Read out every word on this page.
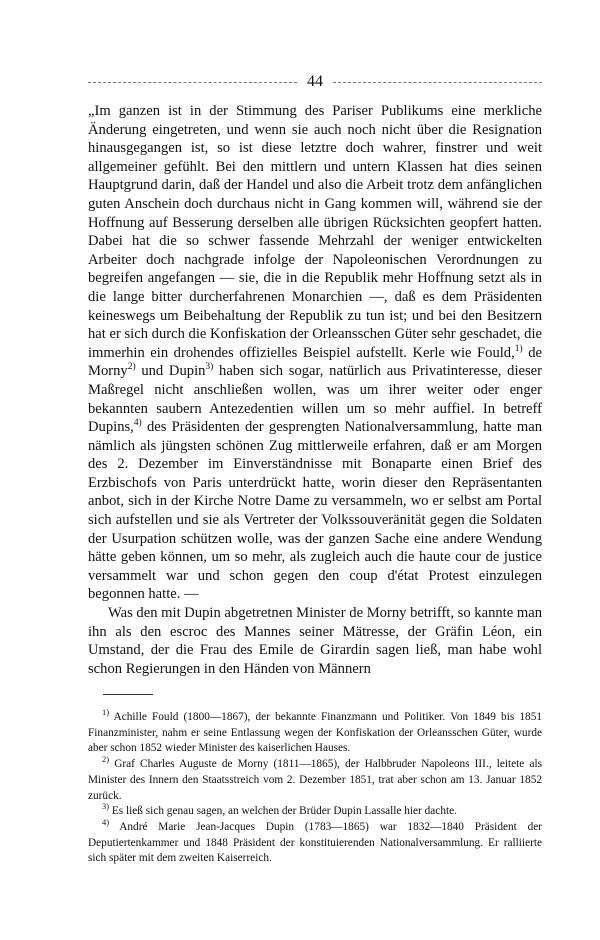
44

„Im ganzen ist in der Stimmung des Pariser Publikums eine merkliche Änderung eingetreten, und wenn sie auch noch nicht über die Resignation hinausgegangen ist, so ist diese letztre doch wahrer, finstrer und weit allgemeiner gefühlt. Bei den mittlern und untern Klassen hat dies seinen Hauptgrund darin, daß der Handel und also die Arbeit trotz dem anfänglichen guten Anschein doch durchaus nicht in Gang kommen will, während sie der Hoffnung auf Besserung derselben alle übrigen Rücksichten geopfert hatten. Dabei hat die so schwer fassende Mehrzahl der weniger entwickelten Arbeiter doch nachgrade infolge der Napoleonischen Verordnungen zu begreifen angefangen — sie, die in die Republik mehr Hoffnung setzt als in die lange bitter durcherfahrenen Monarchien —, daß es dem Präsidenten keineswegs um Beibehaltung der Republik zu tun ist; und bei den Besitzern hat er sich durch die Konfiskation der Orleansschen Güter sehr geschadet, die immerhin ein drohendes offizielles Beispiel aufstellt. Kerle wie Fould,$^{1)}$ de Morny$^{2)}$ und Dupin$^{3)}$ haben sich sogar, natürlich aus Privatinteresse, dieser Maßregel nicht anschließen wollen, was um ihrer weiter oder enger bekannten saubern Antezedentien willen um so mehr auffiel. In betreff Dupins,$^{4)}$ des Präsidenten der gesprengten Nationalversammlung, hatte man nämlich als jüngsten schönen Zug mittlerweile erfahren, daß er am Morgen des 2. Dezember im Einverständnisse mit Bonaparte einen Brief des Erzbischofs von Paris unterdrückt hatte, worin dieser den Repräsentanten anbot, sich in der Kirche Notre Dame zu versammeln, wo er selbst am Portal sich aufstellen und sie als Vertreter der Volkssouveränität gegen die Soldaten der Usurpation schützen wolle, was der ganzen Sache eine andere Wendung hätte geben können, um so mehr, als zugleich auch die haute cour de justice versammelt war und schon gegen den coup d'état Protest einzulegen begonnen hatte. —

Was den mit Dupin abgetretnen Minister de Morny betrifft, so kannte man ihn als den escroc des Mannes seiner Mätresse, der Gräfin Léon, ein Umstand, der die Frau des Emile de Girardin sagen ließ, man habe wohl schon Regierungen in den Händen von Männern

$^{1)}$ Achille Fould (1800—1867), der bekannte Finanzmann und Politiker. Von 1849 bis 1851 Finanzminister, nahm er seine Entlassung wegen der Konfiskation der Orleansschen Güter, wurde aber schon 1852 wieder Minister des kaiserlichen Hauses.

$^{2)}$ Graf Charles Auguste de Morny (1811—1865), der Halbbruder Napoleons III., leitete als Minister des Innern den Staatsstreich vom 2. Dezember 1851, trat aber schon am 13. Januar 1852 zurück.

$^{3)}$ Es ließ sich genau sagen, an welchen der Brüder Dupin Lassalle hier dachte.

$^{4)}$ André Marie Jean-Jacques Dupin (1783—1865) war 1832—1840 Präsident der Deputiertenkammer und 1848 Präsident der konstituierenden Nationalversammlung. Er ralliierte sich später mit dem zweiten Kaiserreich.
